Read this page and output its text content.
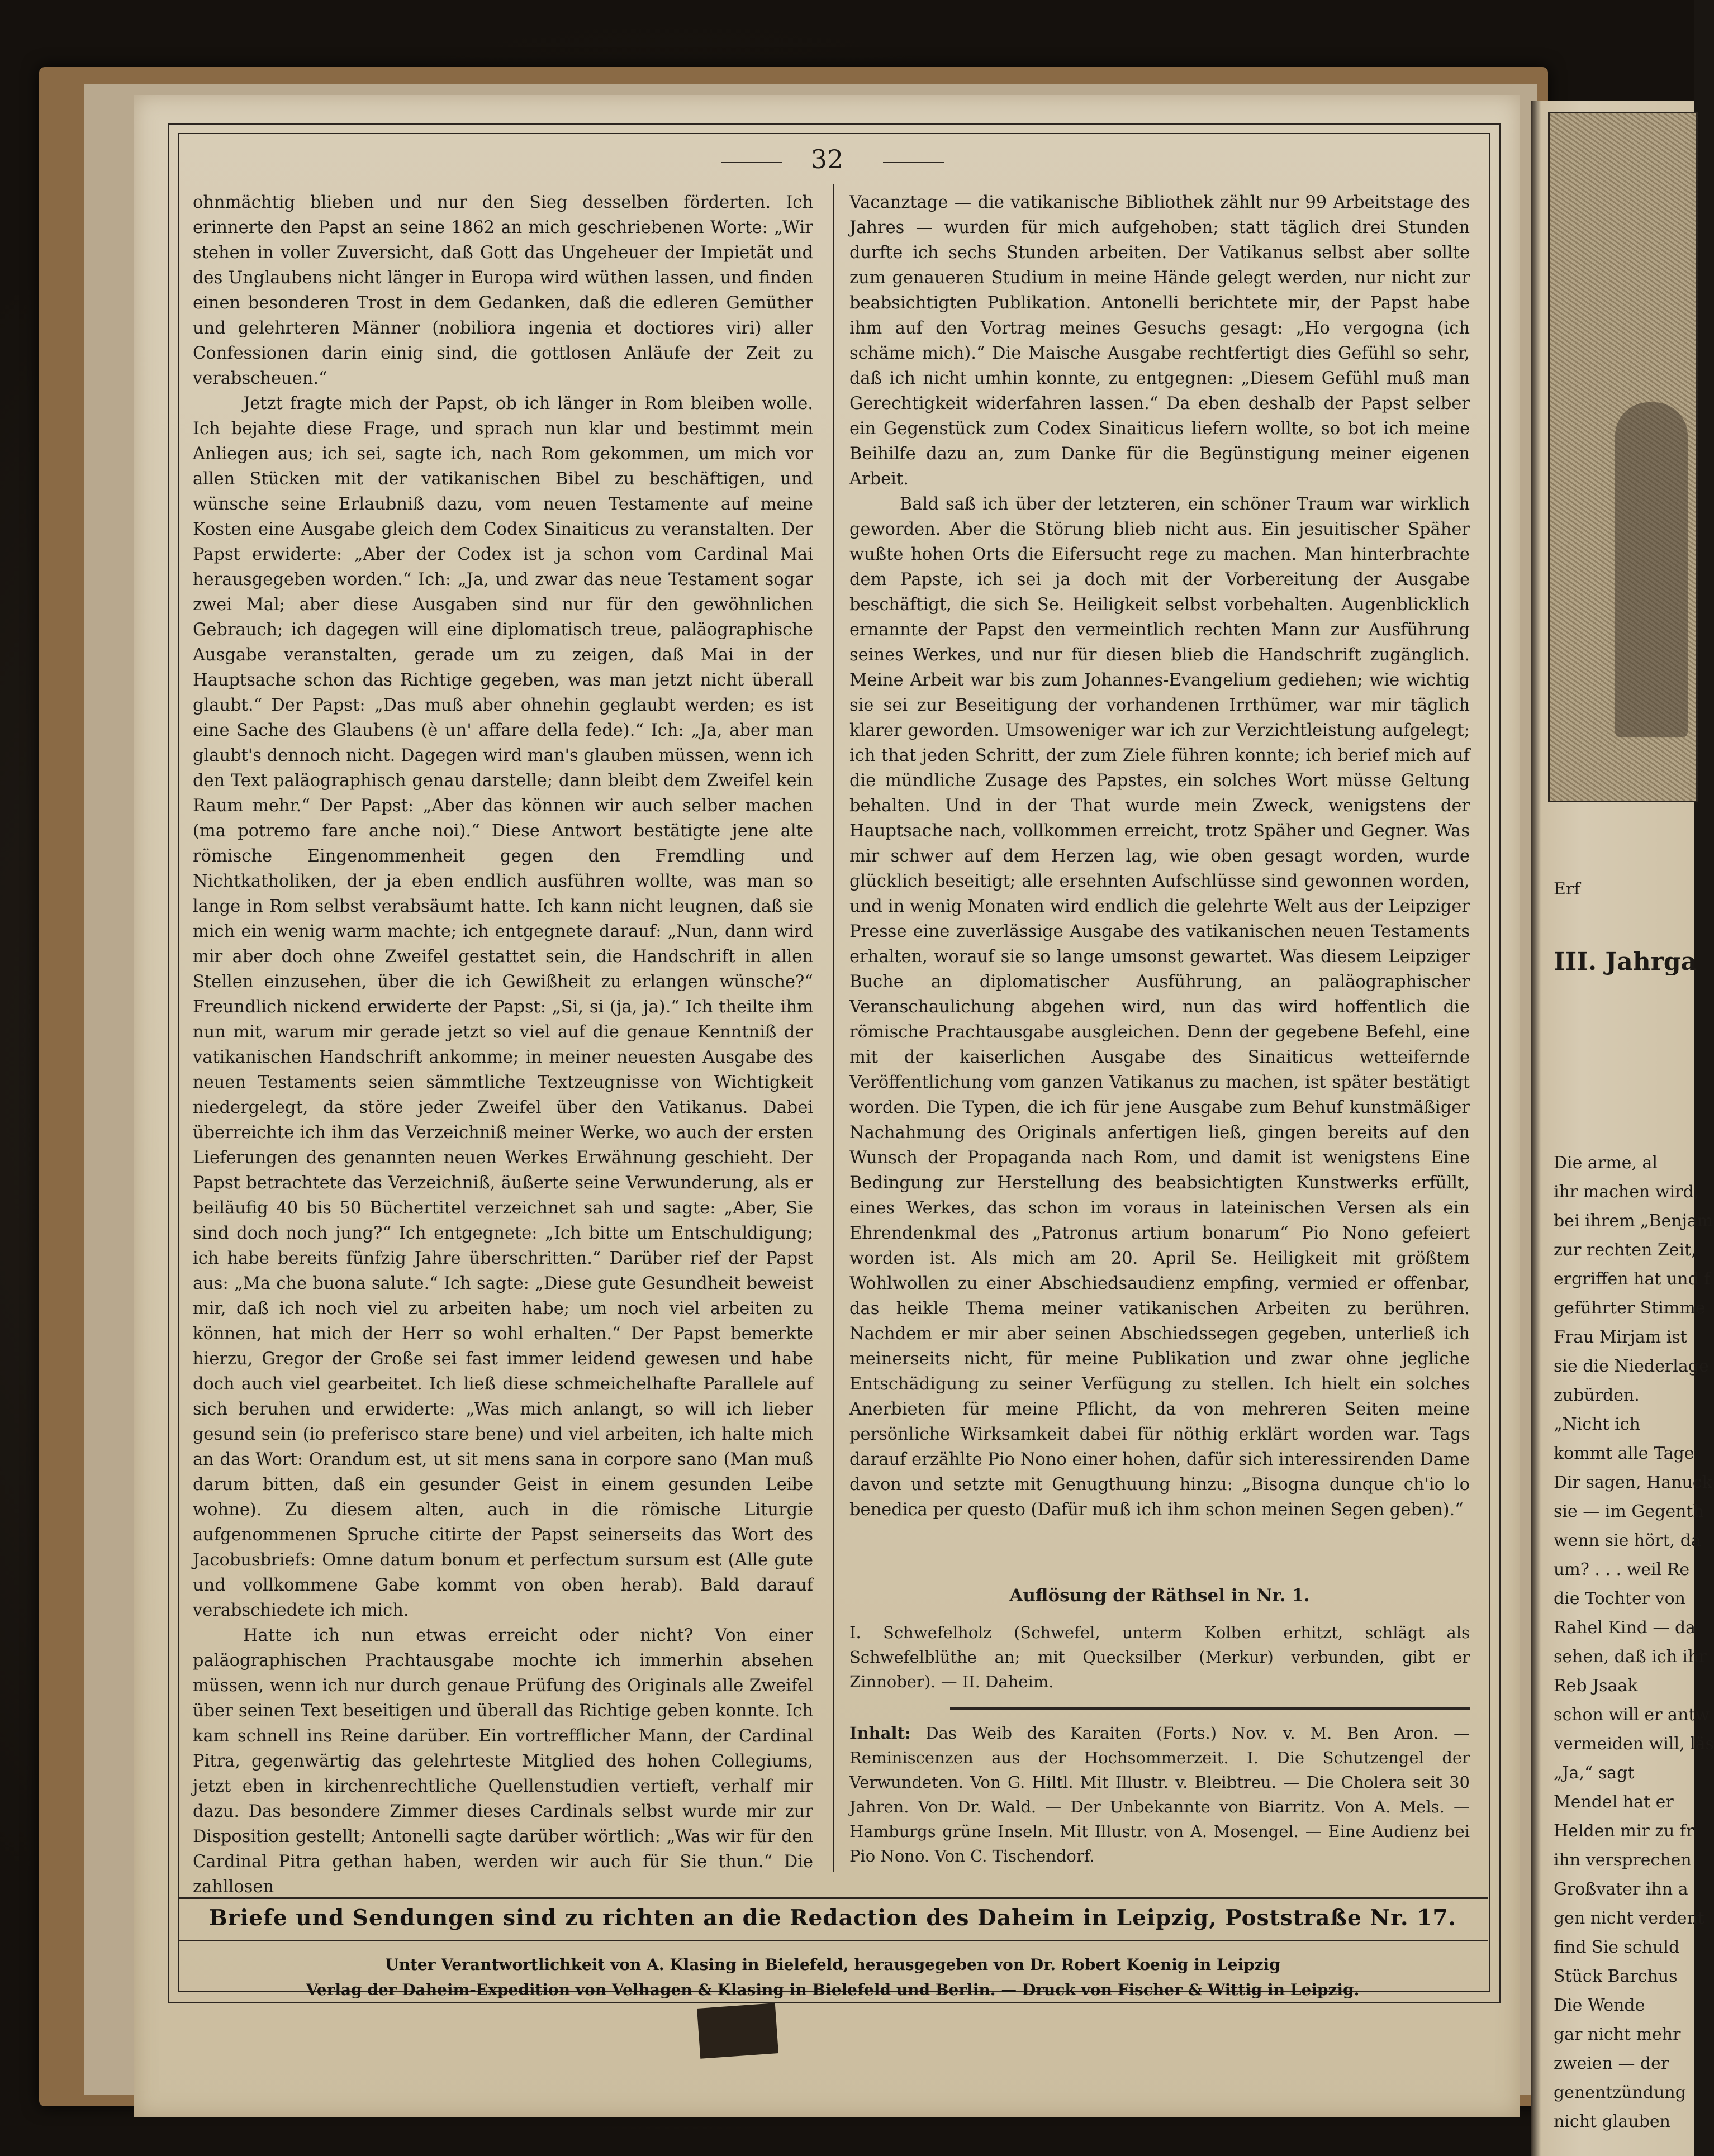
Erf
III. Jahrga
Die arme, al
ihr machen wird,
bei ihrem „Benjam
zur rechten Zeit,
ergriffen hat und f
geführter Stimme
Frau Mirjam ist
sie die Niederlage
zubürden.
„Nicht ich
kommt alle Tage
Dir sagen, Hanuck
sie — im Gegenth
wenn sie hört, da
um? . . . weil Re
die Tochter von
Rahel Kind — da
sehen, daß ich ihr
Reb Jsaak
schon will er antw
vermeiden will, läs
„Ja,“ sagt
Mendel hat er
Helden mir zu fr
ihn versprechen
Großvater ihn a
gen nicht verdent
find Sie schuld
Stück Barchus
Die Wende
gar nicht mehr
zweien — der
genentzündung
nicht glauben
32

ohnmächtig blieben und nur den Sieg desselben förderten. Ich erinnerte den Papst an seine 1862 an mich geschriebenen Worte: „Wir stehen in voller Zuversicht, daß Gott das Ungeheuer der Impietät und des Unglaubens nicht länger in Europa wird wüthen lassen, und finden einen besonderen Trost in dem Gedanken, daß die edleren Gemüther und gelehrteren Männer (nobiliora ingenia et doctiores viri) aller Confessionen darin einig sind, die gottlosen Anläufe der Zeit zu verabscheuen.“

Jetzt fragte mich der Papst, ob ich länger in Rom bleiben wolle. Ich bejahte diese Frage, und sprach nun klar und bestimmt mein Anliegen aus; ich sei, sagte ich, nach Rom gekommen, um mich vor allen Stücken mit der vatikanischen Bibel zu beschäftigen, und wünsche seine Erlaubniß dazu, vom neuen Testamente auf meine Kosten eine Ausgabe gleich dem Codex Sinaiticus zu veranstalten. Der Papst erwiderte: „Aber der Codex ist ja schon vom Cardinal Mai herausgegeben worden.“ Ich: „Ja, und zwar das neue Testament sogar zwei Mal; aber diese Ausgaben sind nur für den gewöhnlichen Gebrauch; ich dagegen will eine diplomatisch treue, paläographische Ausgabe veranstalten, gerade um zu zeigen, daß Mai in der Hauptsache schon das Richtige gegeben, was man jetzt nicht überall glaubt.“ Der Papst: „Das muß aber ohnehin geglaubt werden; es ist eine Sache des Glaubens (è un' affare della fede).“ Ich: „Ja, aber man glaubt's dennoch nicht. Dagegen wird man's glauben müssen, wenn ich den Text paläographisch genau darstelle; dann bleibt dem Zweifel kein Raum mehr.“ Der Papst: „Aber das können wir auch selber machen (ma potremo fare anche noi).“ Diese Antwort bestätigte jene alte römische Eingenommenheit gegen den Fremdling und Nichtkatholiken, der ja eben endlich ausführen wollte, was man so lange in Rom selbst verabsäumt hatte. Ich kann nicht leugnen, daß sie mich ein wenig warm machte; ich entgegnete darauf: „Nun, dann wird mir aber doch ohne Zweifel gestattet sein, die Handschrift in allen Stellen einzusehen, über die ich Gewißheit zu erlangen wünsche?“ Freundlich nickend erwiderte der Papst: „Si, si (ja, ja).“ Ich theilte ihm nun mit, warum mir gerade jetzt so viel auf die genaue Kenntniß der vatikanischen Handschrift ankomme; in meiner neuesten Ausgabe des neuen Testaments seien sämmtliche Textzeugnisse von Wichtigkeit niedergelegt, da störe jeder Zweifel über den Vatikanus. Dabei überreichte ich ihm das Verzeichniß meiner Werke, wo auch der ersten Lieferungen des genannten neuen Werkes Erwähnung geschieht. Der Papst betrachtete das Verzeichniß, äußerte seine Verwunderung, als er beiläufig 40 bis 50 Büchertitel verzeichnet sah und sagte: „Aber, Sie sind doch noch jung?“ Ich entgegnete: „Ich bitte um Entschuldigung; ich habe bereits fünfzig Jahre überschritten.“ Darüber rief der Papst aus: „Ma che buona salute.“ Ich sagte: „Diese gute Gesundheit beweist mir, daß ich noch viel zu arbeiten habe; um noch viel arbeiten zu können, hat mich der Herr so wohl erhalten.“ Der Papst bemerkte hierzu, Gregor der Große sei fast immer leidend gewesen und habe doch auch viel gearbeitet. Ich ließ diese schmeichelhafte Parallele auf sich beruhen und erwiderte: „Was mich anlangt, so will ich lieber gesund sein (io preferisco stare bene) und viel arbeiten, ich halte mich an das Wort: Orandum est, ut sit mens sana in corpore sano (Man muß darum bitten, daß ein gesunder Geist in einem gesunden Leibe wohne). Zu diesem alten, auch in die römische Liturgie aufgenommenen Spruche citirte der Papst seinerseits das Wort des Jacobusbriefs: Omne datum bonum et perfectum sursum est (Alle gute und vollkommene Gabe kommt von oben herab). Bald darauf verabschiedete ich mich.

Hatte ich nun etwas erreicht oder nicht? Von einer paläographischen Prachtausgabe mochte ich immerhin absehen müssen, wenn ich nur durch genaue Prüfung des Originals alle Zweifel über seinen Text beseitigen und überall das Richtige geben konnte. Ich kam schnell ins Reine darüber. Ein vortrefflicher Mann, der Cardinal Pitra, gegenwärtig das gelehrteste Mitglied des hohen Collegiums, jetzt eben in kirchenrechtliche Quellenstudien vertieft, verhalf mir dazu. Das besondere Zimmer dieses Cardinals selbst wurde mir zur Disposition gestellt; Antonelli sagte darüber wörtlich: „Was wir für den Cardinal Pitra gethan haben, werden wir auch für Sie thun.“ Die zahllosen

Vacanztage — die vatikanische Bibliothek zählt nur 99 Arbeitstage des Jahres — wurden für mich aufgehoben; statt täglich drei Stunden durfte ich sechs Stunden arbeiten. Der Vatikanus selbst aber sollte zum genaueren Studium in meine Hände gelegt werden, nur nicht zur beabsichtigten Publikation. Antonelli berichtete mir, der Papst habe ihm auf den Vortrag meines Gesuchs gesagt: „Ho vergogna (ich schäme mich).“ Die Maische Ausgabe rechtfertigt dies Gefühl so sehr, daß ich nicht umhin konnte, zu entgegnen: „Diesem Gefühl muß man Gerechtigkeit widerfahren lassen.“ Da eben deshalb der Papst selber ein Gegenstück zum Codex Sinaiticus liefern wollte, so bot ich meine Beihilfe dazu an, zum Danke für die Begünstigung meiner eigenen Arbeit.

Bald saß ich über der letzteren, ein schöner Traum war wirklich geworden. Aber die Störung blieb nicht aus. Ein jesuitischer Späher wußte hohen Orts die Eifersucht rege zu machen. Man hinterbrachte dem Papste, ich sei ja doch mit der Vorbereitung der Ausgabe beschäftigt, die sich Se. Heiligkeit selbst vorbehalten. Augenblicklich ernannte der Papst den vermeintlich rechten Mann zur Ausführung seines Werkes, und nur für diesen blieb die Handschrift zugänglich. Meine Arbeit war bis zum Johannes-Evangelium gediehen; wie wichtig sie sei zur Beseitigung der vorhandenen Irrthümer, war mir täglich klarer geworden. Umsoweniger war ich zur Verzichtleistung aufgelegt; ich that jeden Schritt, der zum Ziele führen konnte; ich berief mich auf die mündliche Zusage des Papstes, ein solches Wort müsse Geltung behalten. Und in der That wurde mein Zweck, wenigstens der Hauptsache nach, vollkommen erreicht, trotz Späher und Gegner. Was mir schwer auf dem Herzen lag, wie oben gesagt worden, wurde glücklich beseitigt; alle ersehnten Aufschlüsse sind gewonnen worden, und in wenig Monaten wird endlich die gelehrte Welt aus der Leipziger Presse eine zuverlässige Ausgabe des vatikanischen neuen Testaments erhalten, worauf sie so lange umsonst gewartet. Was diesem Leipziger Buche an diplomatischer Ausführung, an paläographischer Veranschaulichung abgehen wird, nun das wird hoffentlich die römische Prachtausgabe ausgleichen. Denn der gegebene Befehl, eine mit der kaiserlichen Ausgabe des Sinaiticus wetteifernde Veröffentlichung vom ganzen Vatikanus zu machen, ist später bestätigt worden. Die Typen, die ich für jene Ausgabe zum Behuf kunstmäßiger Nachahmung des Originals anfertigen ließ, gingen bereits auf den Wunsch der Propaganda nach Rom, und damit ist wenigstens Eine Bedingung zur Herstellung des beabsichtigten Kunstwerks erfüllt, eines Werkes, das schon im voraus in lateinischen Versen als ein Ehrendenkmal des „Patronus artium bonarum“ Pio Nono gefeiert worden ist. Als mich am 20. April Se. Heiligkeit mit größtem Wohlwollen zu einer Abschiedsaudienz empfing, vermied er offenbar, das heikle Thema meiner vatikanischen Arbeiten zu berühren. Nachdem er mir aber seinen Abschiedssegen gegeben, unterließ ich meinerseits nicht, für meine Publikation und zwar ohne jegliche Entschädigung zu seiner Verfügung zu stellen. Ich hielt ein solches Anerbieten für meine Pflicht, da von mehreren Seiten meine persönliche Wirksamkeit dabei für nöthig erklärt worden war. Tags darauf erzählte Pio Nono einer hohen, dafür sich interessirenden Dame davon und setzte mit Genugthuung hinzu: „Bisogna dunque ch'io lo benedica per questo (Dafür muß ich ihm schon meinen Segen geben).“

Auflösung der Räthsel in Nr. 1.
I. Schwefelholz (Schwefel, unterm Kolben erhitzt, schlägt als Schwefelblüthe an; mit Quecksilber (Merkur) verbunden, gibt er Zinnober). — II. Daheim.
Inhalt: Das Weib des Karaiten (Forts.) Nov. v. M. Ben Aron. — Reminiscenzen aus der Hochsommerzeit. I. Die Schutzengel der Verwundeten. Von G. Hiltl. Mit Illustr. v. Bleibtreu. — Die Cholera seit 30 Jahren. Von Dr. Wald. — Der Unbekannte von Biarritz. Von A. Mels. — Hamburgs grüne Inseln. Mit Illustr. von A. Mosengel. — Eine Audienz bei Pio Nono. Von C. Tischendorf.
Briefe und Sendungen sind zu richten an die Redaction des Daheim in Leipzig, Poststraße Nr. 17.
Unter Verantwortlichkeit von A. Klasing in Bielefeld, herausgegeben von Dr. Robert Koenig in Leipzig
Verlag der Daheim-Expedition von Velhagen & Klasing in Bielefeld und Berlin. — Druck von Fischer & Wittig in Leipzig.
